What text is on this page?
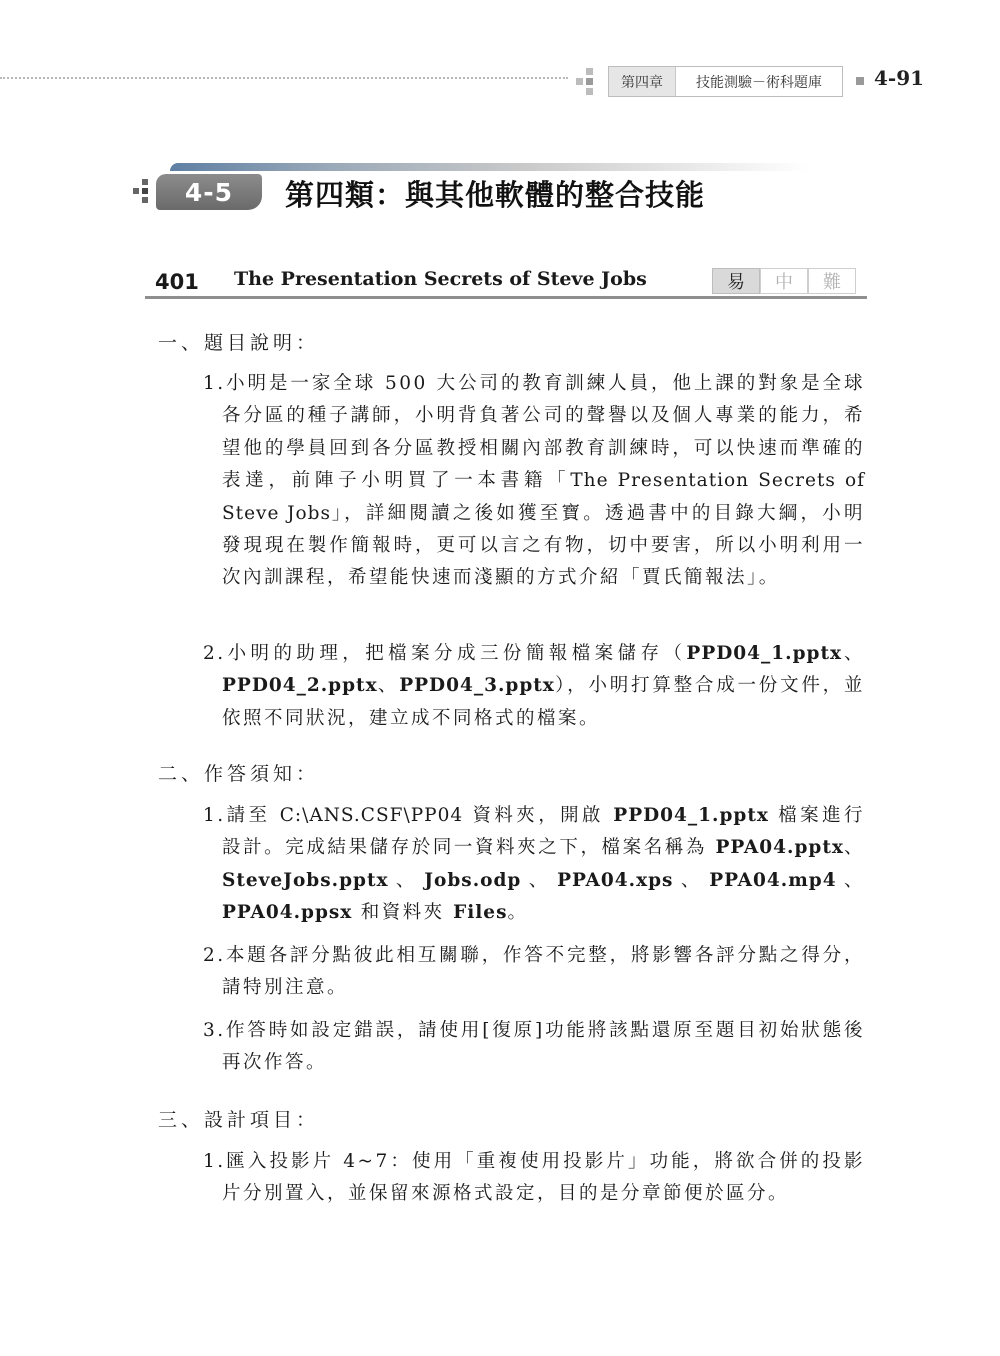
第四章	技能測驗－術科題庫	4-91
4-5	第四類：與其他軟體的整合技能
401 The Presentation Secrets of Steve Jobs	易	中	難
一、題目說明：
1.小明是一家全球 500 大公司的教育訓練人員，他上課的對象是全球各分區的種子講師，小明背負著公司的聲譽以及個人專業的能力，希望他的學員回到各分區教授相關內部教育訓練時，可以快速而準確的表達，前陣子小明買了一本書籍「The Presentation Secrets of Steve Jobs」，詳細閱讀之後如獲至寶。透過書中的目錄大綱，小明發現現在製作簡報時，更可以言之有物，切中要害，所以小明利用一次內訓課程，希望能快速而淺顯的方式介紹「賈氏簡報法」。
2.小明的助理，把檔案分成三份簡報檔案儲存（PPD04_1.pptx、PPD04_2.pptx、PPD04_3.pptx），小明打算整合成一份文件，並依照不同狀況，建立成不同格式的檔案。
二、作答須知：
1.請至 C:\ANS.CSF\PP04 資料夾，開啟 PPD04_1.pptx 檔案進行設計。完成結果儲存於同一資料夾之下，檔案名稱為 PPA04.pptx、SteveJobs.pptx、Jobs.odp、PPA04.xps、PPA04.mp4、PPA04.ppsx 和資料夾 Files。
2.本題各評分點彼此相互關聯，作答不完整，將影響各評分點之得分，請特別注意。
3.作答時如設定錯誤，請使用[復原]功能將該點還原至題目初始狀態後再次作答。
三、設計項目：
1.匯入投影片 4~7：使用「重複使用投影片」功能，將欲合併的投影片分別置入，並保留來源格式設定，目的是分章節便於區分。
